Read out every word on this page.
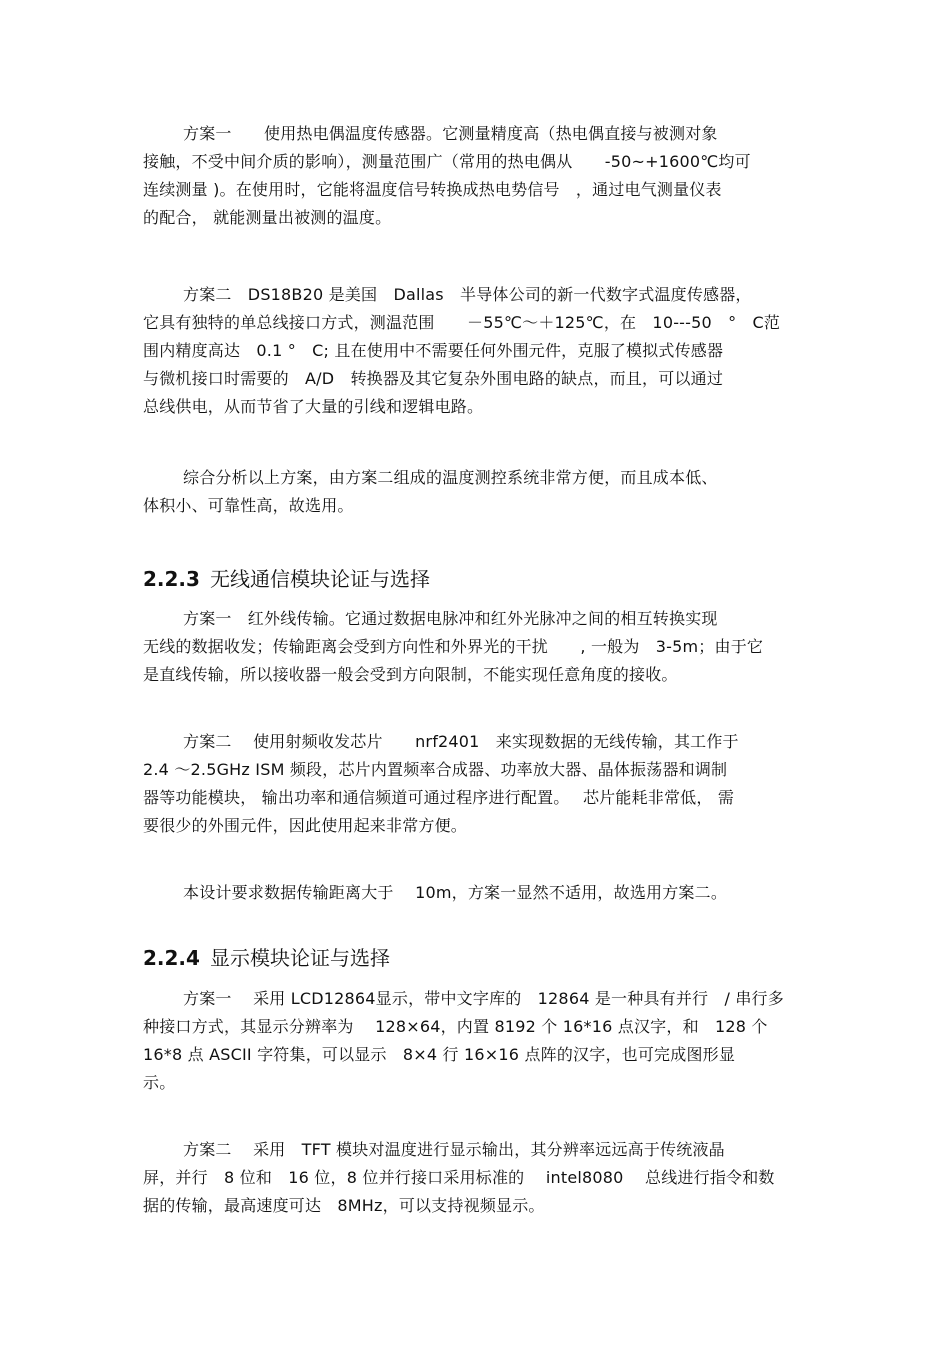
方案一　　使用热电偶温度传感器。它测量精度高（热电偶直接与被测对象
接触，不受中间介质的影响），测量范围广（常用的热电偶从　　-50~+1600℃均可
连续测量 )。在使用时，它能将温度信号转换成热电势信号　，通过电气测量仪表
的配合， 就能测量出被测的温度。
方案二　DS18B20 是美国　Dallas　半导体公司的新一代数字式温度传感器，
它具有独特的单总线接口方式，测温范围　　－55℃～＋125℃，在　10---50　°　C范
围内精度高达　0.1 °　C; 且在使用中不需要任何外围元件，克服了模拟式传感器
与微机接口时需要的　A/D　转换器及其它复杂外围电路的缺点，而且，可以通过
总线供电，从而节省了大量的引线和逻辑电路。
综合分析以上方案，由方案二组成的温度测控系统非常方便，而且成本低、
体积小、可靠性高，故选用。
2.2.3 无线通信模块论证与选择
方案一　红外线传输。它通过数据电脉冲和红外光脉冲之间的相互转换实现
无线的数据收发；传输距离会受到方向性和外界光的干扰　　, 一般为　3-5m；由于它
是直线传输，所以接收器一般会受到方向限制，不能实现任意角度的接收。
方案二　 使用射频收发芯片　　nrf2401　来实现数据的无线传输，其工作于
2.4 ～2.5GHz ISM 频段，芯片内置频率合成器、功率放大器、晶体振荡器和调制
器等功能模块， 输出功率和通信频道可通过程序进行配置。　 芯片能耗非常低， 需
要很少的外围元件，因此使用起来非常方便。
本设计要求数据传输距离大于　 10m，方案一显然不适用，故选用方案二。
2.2.4 显示模块论证与选择
方案一　 采用 LCD12864显示，带中文字库的　12864 是一种具有并行　/ 串行多
种接口方式，其显示分辨率为　 128×64，内置 8192 个 16*16 点汉字，和　128 个
16*8 点 ASCII 字符集，可以显示　8×4 行 16×16 点阵的汉字，也可完成图形显
示。
方案二　 采用　TFT 模块对温度进行显示输出，其分辨率远远高于传统液晶
屏，并行　8 位和　16 位，8 位并行接口采用标准的　 intel8080　 总线进行指令和数
据的传输，最高速度可达　8MHz，可以支持视频显示。
